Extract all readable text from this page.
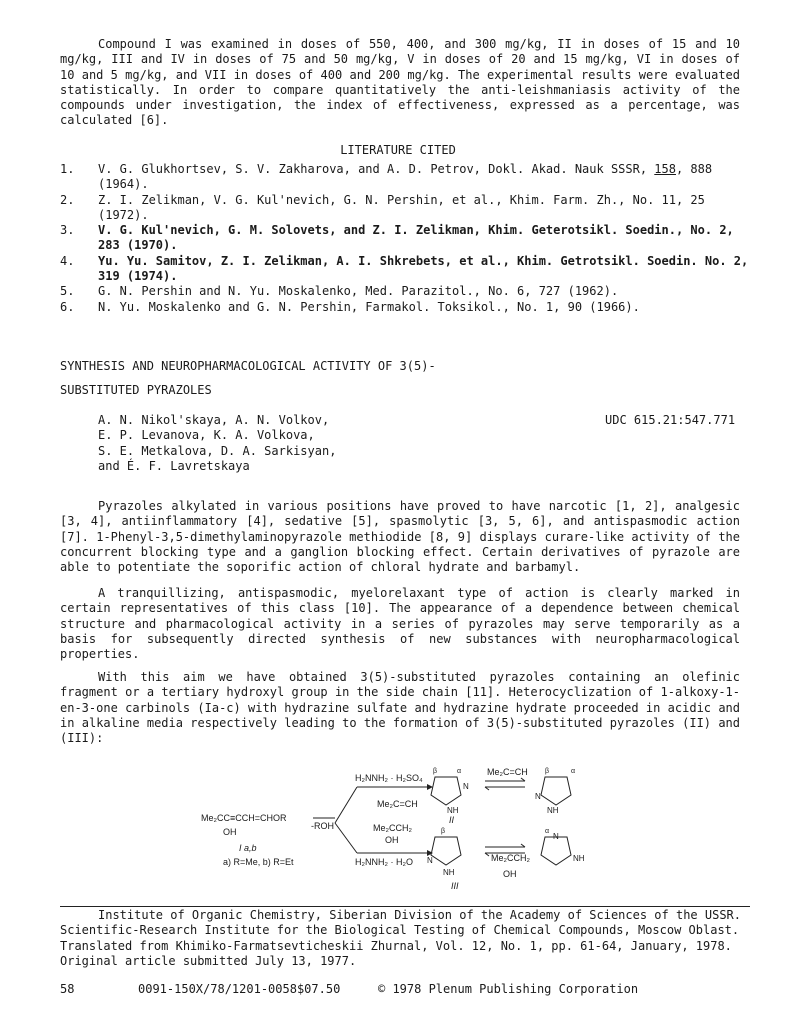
Compound I was examined in doses of 550, 400, and 300 mg/kg, II in doses of 15 and 10 mg/kg, III and IV in doses of 75 and 50 mg/kg, V in doses of 20 and 15 mg/kg, VI in doses of 10 and 5 mg/kg, and VII in doses of 400 and 200 mg/kg. The experimental results were evaluated statistically. In order to compare quantitatively the anti-leishmaniasis activity of the compounds under investigation, the index of effectiveness, expressed as a percentage, was calculated [6].

LITERATURE CITED
1.	V. G. Glukhortsev, S. V. Zakharova, and A. D. Petrov, Dokl. Akad. Nauk SSSR, 158, 888 (1964).
2.	Z. I. Zelikman, V. G. Kul'nevich, G. N. Pershin, et al., Khim. Farm. Zh., No. 11, 25 (1972).
3.	V. G. Kul'nevich, G. M. Solovets, and Z. I. Zelikman, Khim. Geterotsikl. Soedin., No. 2, 283 (1970).
4.	Yu. Yu. Samitov, Z. I. Zelikman, A. I. Shkrebets, et al., Khim. Getrotsikl. Soedin. No. 2, 319 (1974).
5.	G. N. Pershin and N. Yu. Moskalenko, Med. Parazitol., No. 6, 727 (1962).
6.	N. Yu. Moskalenko and G. N. Pershin, Farmakol. Toksikol., No. 1, 90 (1966).
SYNTHESIS AND NEUROPHARMACOLOGICAL ACTIVITY OF 3(5)-
SUBSTITUTED PYRAZOLES
A. N. Nikol'skaya, A. N. Volkov,
E. P. Levanova, K. A. Volkova,
S. E. Metkalova, D. A. Sarkisyan,
and É. F. Lavretskaya
UDC 615.21:547.771

Pyrazoles alkylated in various positions have proved to have narcotic [1, 2], analgesic [3, 4], antiinflammatory [4], sedative [5], spasmolytic [3, 5, 6], and antispasmodic action [7]. 1-Phenyl-3,5-dimethylaminopyrazole methiodide [8, 9] displays curare-like activity of the concurrent blocking type and a ganglion blocking effect. Certain derivatives of pyrazole are able to potentiate the soporific action of chloral hydrate and barbamyl.

A tranquillizing, antispasmodic, myelorelaxant type of action is clearly marked in certain representatives of this class [10]. The appearance of a dependence between chemical structure and pharmacological activity in a series of pyrazoles may serve temporarily as a basis for subsequently directed synthesis of new substances with neuropharmacological properties.

With this aim we have obtained 3(5)-substituted pyrazoles containing an olefinic fragment or a tertiary hydroxyl group in the side chain [11]. Heterocyclization of 1-alkoxy-1-en-3-one carbinols (Ia-c) with hydrazine sulfate and hydrazine hydrate proceeded in acidic and in alkaline media respectively leading to the formation of 3(5)-substituted pyrazoles (II) and (III):

Me₂CC≡CCH=CHOR
OH
-ROH
I a,b
a) R=Me, b) R=Et
H₂NNH₂ · H₂SO₄
H₂NNH₂ · H₂O
Me₂C=CH
Me₂C=CH
Me₂CCH₂
OH
Me₂CCH₂
OH
N
NH
N
NH
N
NH
NH
N
β	α	β	α
β	α
II
III

Institute of Organic Chemistry, Siberian Division of the Academy of Sciences of the USSR. Scientific-Research Institute for the Biological Testing of Chemical Compounds, Moscow Oblast. Translated from Khimiko-Farmatsevticheskii Zhurnal, Vol. 12, No. 1, pp. 61-64, January, 1978. Original article submitted July 13, 1977.

58	0091-150X/78/1201-0058$07.50	© 1978 Plenum Publishing Corporation
